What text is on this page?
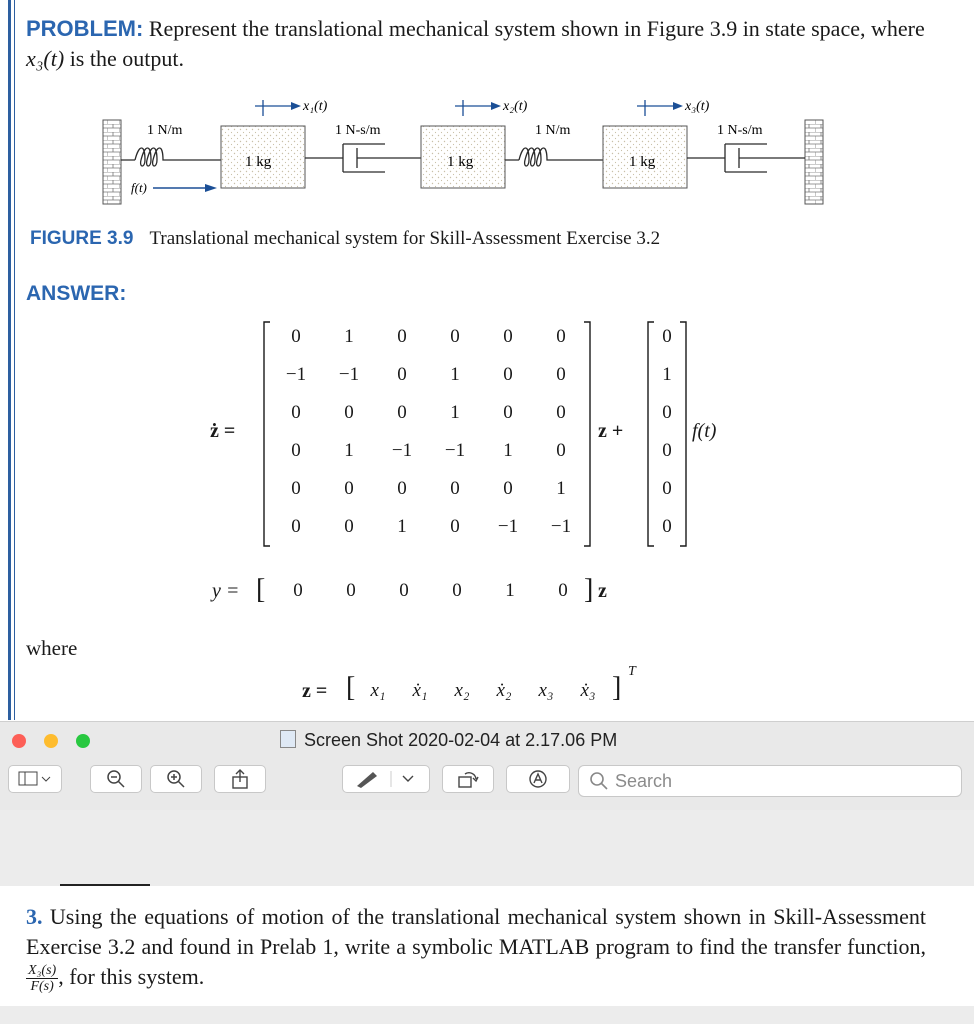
PROBLEM: Represent the translational mechanical system shown in Figure 3.9 in state space, where x₃(t) is the output.
1 N/m
f(t)
1 kg
x₁(t)
1 N-s/m
1 kg
x₂(t)
1 N/m
1 kg
x₃(t)
1 N-s/m
FIGURE 3.9 Translational mechanical system for Skill-Assessment Exercise 3.2
ANSWER:
ż =
0	1	0	0	0	0
−1	−1	0	1	0	0
0	0	0	1	0	0
0	1	−1	−1	1	0
0	0	0	0	0	1
0	0	1	0	−1	−1
z +
0
1
0
0
0
0
f(t)
y = [	0	0	0	0	1	0 ] z
where
z = [ x₁	ẋ₁	x₂	ẋ₂	x₃	ẋ₃ ]
T
Screen Shot 2020-02-04 at 2.17.06 PM
Search
3. Using the equations of motion of the translational mechanical system shown in Skill-Assessment Exercise 3.2 and found in Prelab 1, write a symbolic MATLAB program to find the transfer function,
$\frac{\text{X₃(s)}}{F(s)}$ , for this system.
